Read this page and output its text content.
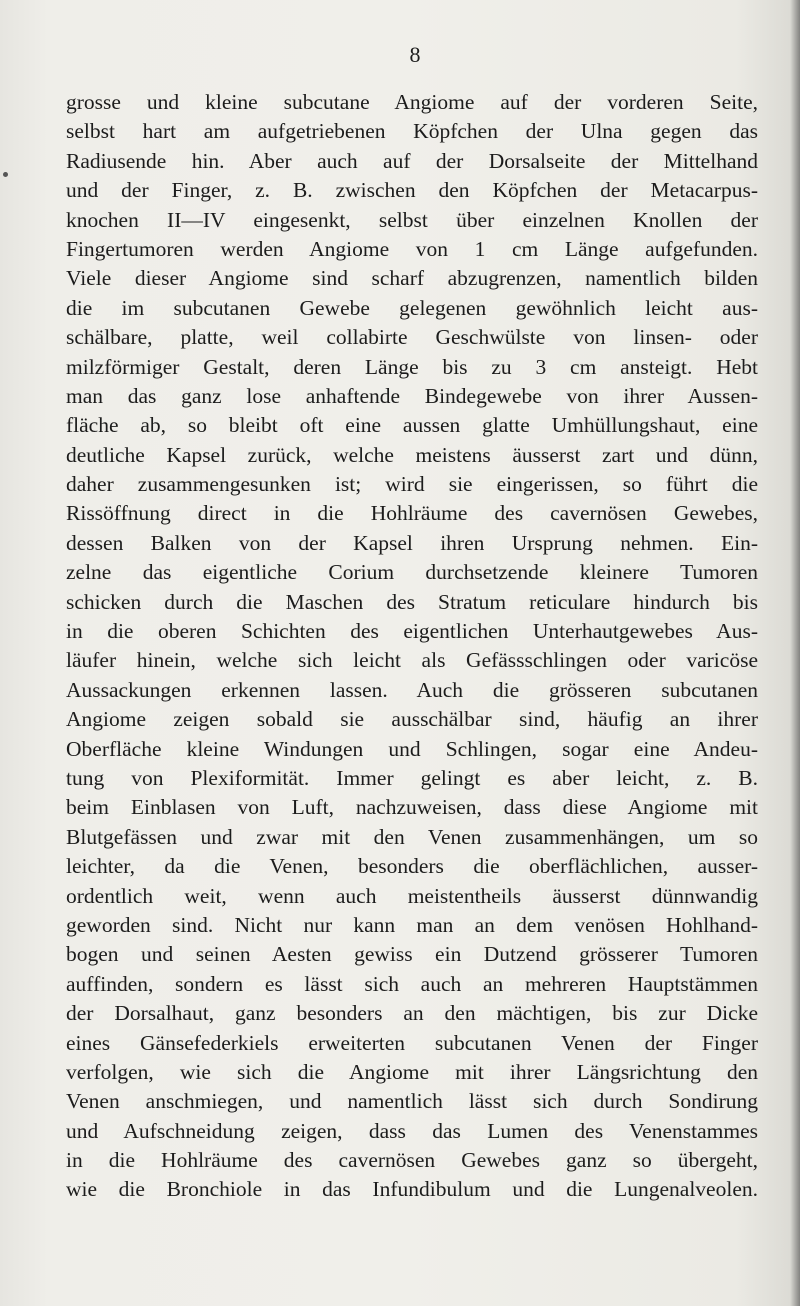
8
grosse und kleine subcutane Angiome auf der vorderen Seite,
selbst hart am aufgetriebenen Köpfchen der Ulna gegen das
Radiusende hin. Aber auch auf der Dorsalseite der Mittelhand
und der Finger, z. B. zwischen den Köpfchen der Metacarpus-
knochen II—IV eingesenkt, selbst über einzelnen Knollen der
Fingertumoren werden Angiome von 1 cm Länge aufgefunden.
Viele dieser Angiome sind scharf abzugrenzen, namentlich bilden
die im subcutanen Gewebe gelegenen gewöhnlich leicht aus-
schälbare, platte, weil collabirte Geschwülste von linsen- oder
milzförmiger Gestalt, deren Länge bis zu 3 cm ansteigt. Hebt
man das ganz lose anhaftende Bindegewebe von ihrer Aussen-
fläche ab, so bleibt oft eine aussen glatte Umhüllungshaut, eine
deutliche Kapsel zurück, welche meistens äusserst zart und dünn,
daher zusammengesunken ist; wird sie eingerissen, so führt die
Rissöffnung direct in die Hohlräume des cavernösen Gewebes,
dessen Balken von der Kapsel ihren Ursprung nehmen. Ein-
zelne das eigentliche Corium durchsetzende kleinere Tumoren
schicken durch die Maschen des Stratum reticulare hindurch bis
in die oberen Schichten des eigentlichen Unterhautgewebes Aus-
läufer hinein, welche sich leicht als Gefässschlingen oder varicöse
Aussackungen erkennen lassen. Auch die grösseren subcutanen
Angiome zeigen sobald sie ausschälbar sind, häufig an ihrer
Oberfläche kleine Windungen und Schlingen, sogar eine Andeu-
tung von Plexiformität. Immer gelingt es aber leicht, z. B.
beim Einblasen von Luft, nachzuweisen, dass diese Angiome mit
Blutgefässen und zwar mit den Venen zusammenhängen, um so
leichter, da die Venen, besonders die oberflächlichen, ausser-
ordentlich weit, wenn auch meistentheils äusserst dünnwandig
geworden sind. Nicht nur kann man an dem venösen Hohlhand-
bogen und seinen Aesten gewiss ein Dutzend grösserer Tumoren
auffinden, sondern es lässt sich auch an mehreren Hauptstämmen
der Dorsalhaut, ganz besonders an den mächtigen, bis zur Dicke
eines Gänsefederkiels erweiterten subcutanen Venen der Finger
verfolgen, wie sich die Angiome mit ihrer Längsrichtung den
Venen anschmiegen, und namentlich lässt sich durch Sondirung
und Aufschneidung zeigen, dass das Lumen des Venenstammes
in die Hohlräume des cavernösen Gewebes ganz so übergeht,
wie die Bronchiole in das Infundibulum und die Lungenalveolen.
